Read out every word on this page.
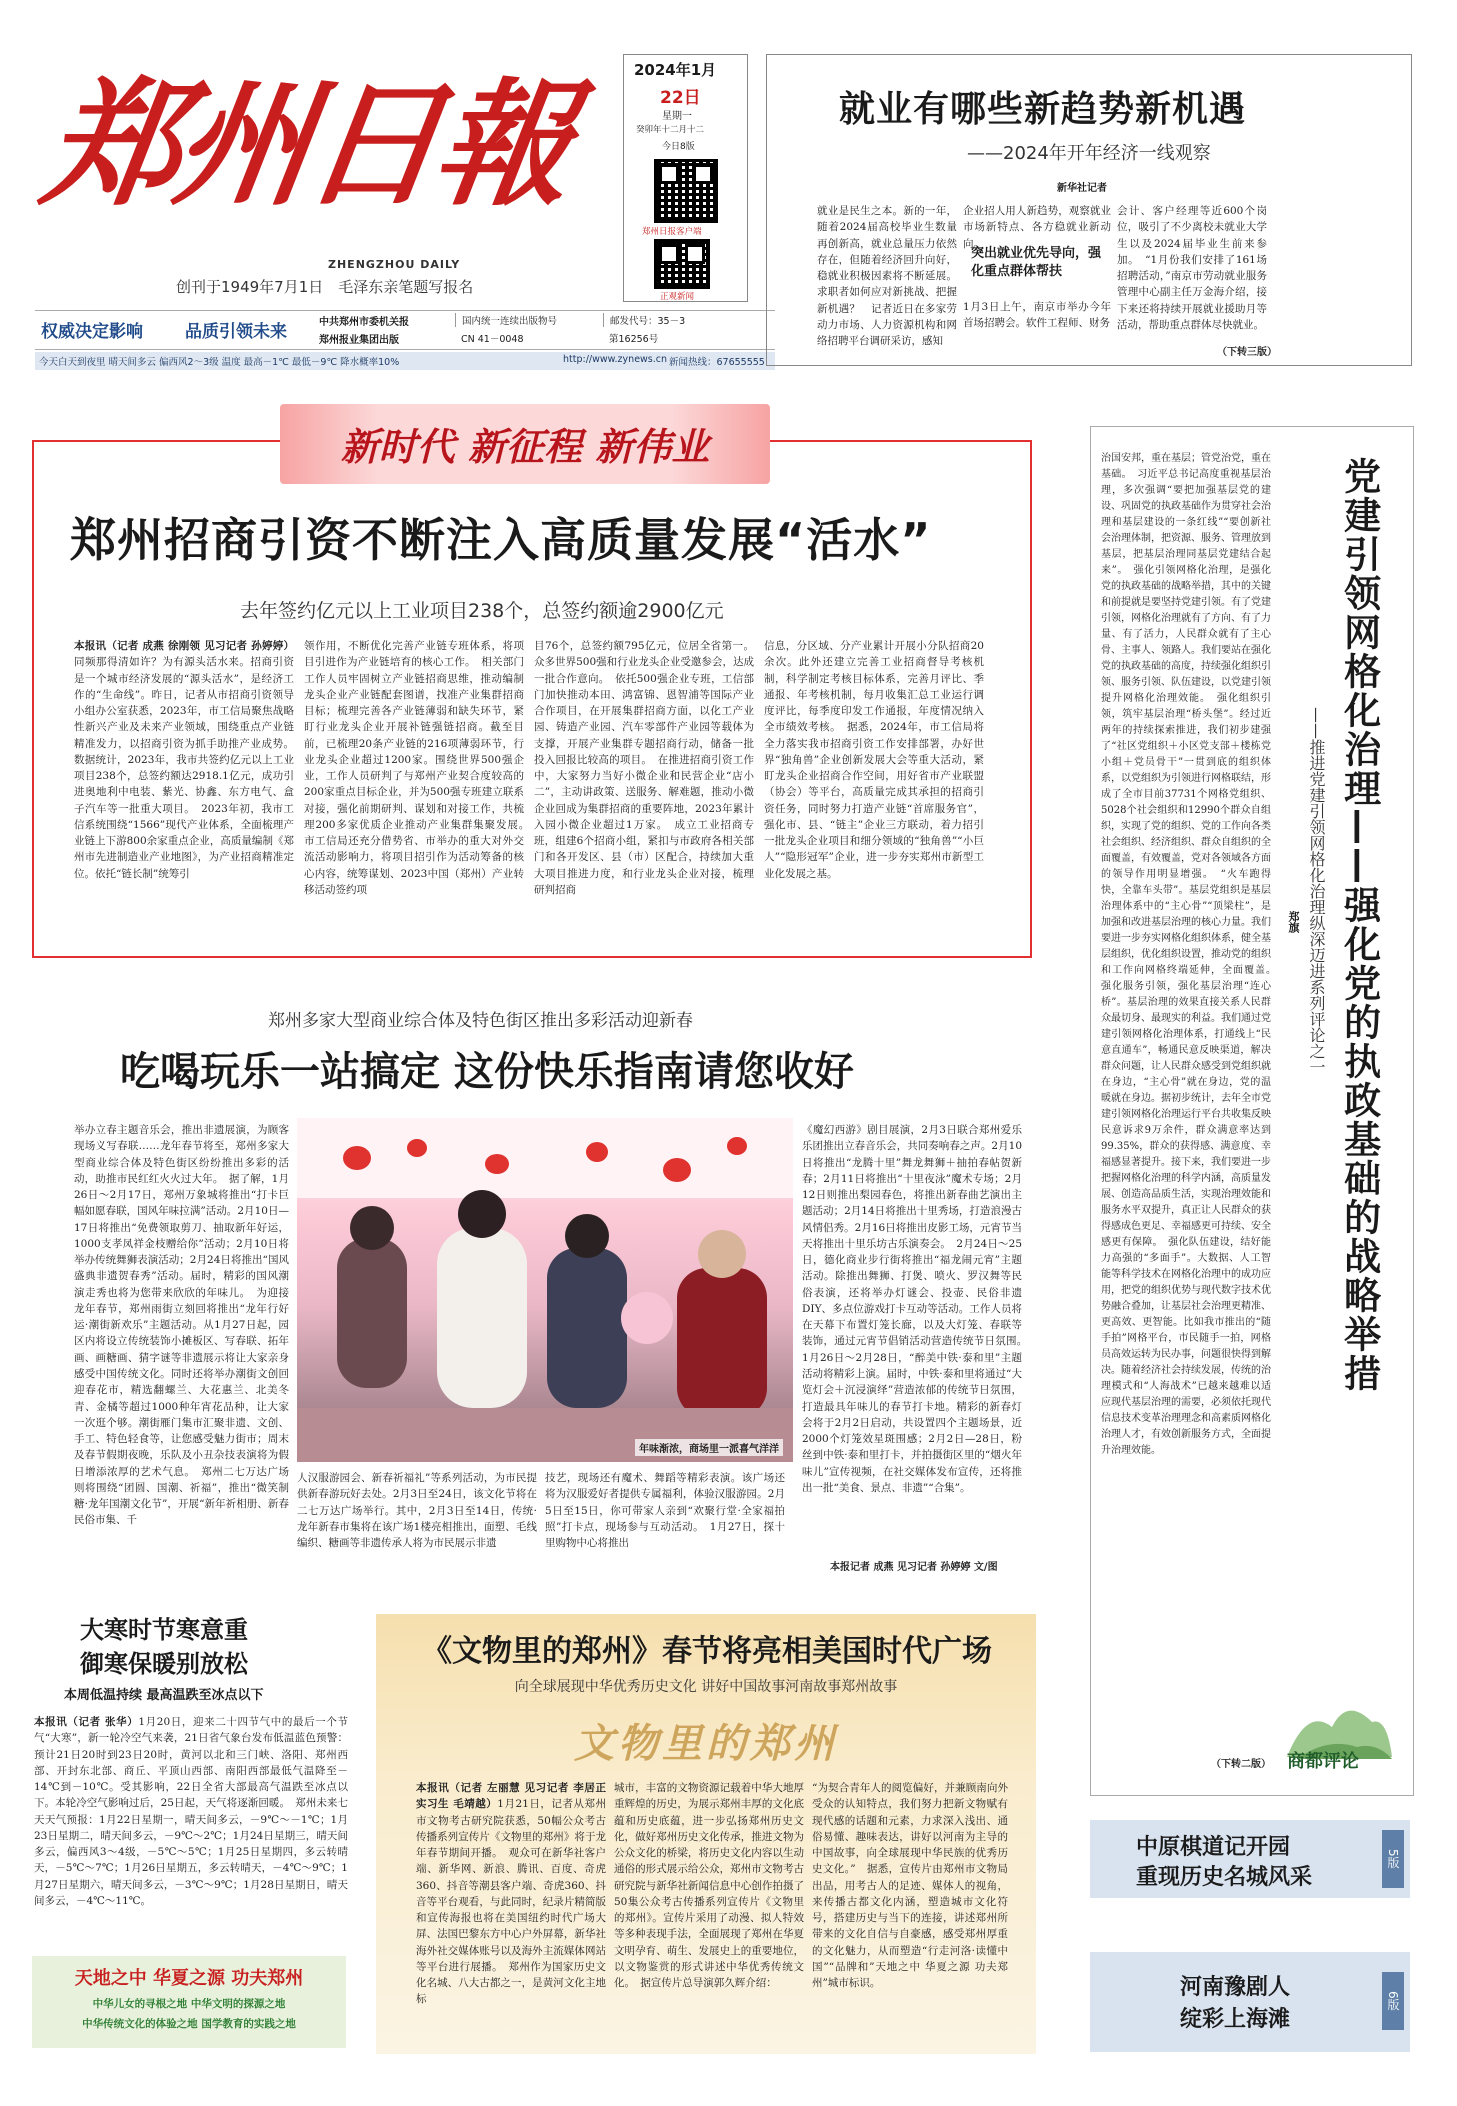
郑州日報
ZHENGZHOU DAILY
创刊于1949年7月1日　毛泽东亲笔题写报名
权威决定影响 品质引领未来	中共郑州市委机关报
郑州报业集团出版
国内统一连续出版物号
CN 41－0048
邮发代号：35－3
第16256号
今天白天到夜里 晴天间多云 偏西风2～3级 温度 最高－1℃ 最低－9℃ 降水概率10%	http://www.zynews.cn 新闻热线：67655555
2024年1月
22日
星期一
癸卯年十二月十二
今日8版
郑州日报客户端
正观新闻
就业有哪些新趋势新机遇
——2024年开年经济一线观察
新华社记者
就业是民生之本。新的一年，随着2024届高校毕业生数量再创新高，就业总量压力依然存在，但随着经济回升向好，稳就业积极因素将不断延展。求职者如何应对新挑战、把握新机遇？　记者近日在多家劳动力市场、人力资源机构和网络招聘平台调研采访，感知
企业招人用人新趋势，观察就业市场新特点、各方稳就业新动向。
突出就业优先导向，强化重点群体帮扶
1月3日上午，南京市举办今年首场招聘会。软件工程师、财务
会计、客户经理等近600个岗位，吸引了不少离校未就业大学生以及2024届毕业生前来参加。　“1月份我们安排了161场招聘活动，”南京市劳动就业服务管理中心副主任万金海介绍，接下来还将持续开展就业援助月等活动，帮助重点群体尽快就业。
（下转三版）
新时代 新征程 新伟业
郑州招商引资不断注入高质量发展“活水”
去年签约亿元以上工业项目238个，总签约额逾2900亿元
本报讯（记者 成燕 徐刚领 见习记者 孙婷婷）同频那得清如许？为有源头活水来。招商引资是一个城市经济发展的“源头活水”，是经济工作的“生命线”。昨日，记者从市招商引资领导小组办公室获悉，2023年，市工信局聚焦战略性新兴产业及未来产业领域，围绕重点产业链精准发力，以招商引资为抓手助推产业成势。数据统计，2023年，我市共签约亿元以上工业项目238个，总签约额达2918.1亿元，成功引进奥地利中电装、紫光、协鑫、东方电气、盒子汽车等一批重大项目。　2023年初，我市工信系统围绕“1566”现代产业体系，全面梳理产业链上下游800余家重点企业，高质量编制《郑州市先进制造业产业地图》，为产业招商精准定位。依托“链长制”统筹引
领作用，不断优化完善产业链专班体系，将项目引进作为产业链培育的核心工作。　相关部门工作人员牢固树立产业链招商思维，推动编制龙头企业产业链配套图谱，找准产业集群招商目标；梳理完善各产业链薄弱和缺失环节，紧盯行业龙头企业开展补链强链招商。截至目前，已梳理20条产业链的216项薄弱环节，行业龙头企业超过1200家。围绕世界500强企业，工作人员研判了与郑州产业契合度较高的200家重点目标企业，并为500强专班建立联系对接，强化前期研判、谋划和对接工作，共梳理200多家优质企业推动产业集群集聚发展。　市工信局还充分借势省、市举办的重大对外交流活动影响力，将项目招引作为活动筹备的核心内容，统筹谋划、2023中国（郑州）产业转移活动签约项
目76个，总签约额795亿元，位居全省第一。众多世界500强和行业龙头企业受邀参会，达成一批合作意向。　依托500强企业专班，工信部门加快推动本田、鸿富锦、恩智浦等国际产业合作项目，在开展集群招商方面，以化工产业园、铸造产业园、汽车零部件产业园等载体为支撑，开展产业集群专题招商行动，储备一批投入回报比较高的项目。　在推进招商引资工作中，大家努力当好小微企业和民营企业“店小二”，主动讲政策、送服务、解难题，推动小微企业回成为集群招商的重要阵地，2023年累计入园小微企业超过1万家。　成立工业招商专班，组建6个招商小组，紧扣与市政府各相关部门和各开发区、县（市）区配合，持续加大重大项目推进力度，和行业龙头企业对接，梳理研判招商
信息，分区域、分产业累计开展小分队招商20余次。此外还建立完善工业招商督导考核机制，科学制定考核目标体系，完善月评比、季通报、年考核机制，每月收集汇总工业运行调度评比，每季度印发工作通报，年度情况纳入全市绩效考核。　据悉，2024年，市工信局将全力落实我市招商引资工作安排部署，办好世界“独角兽”企业创新发展大会等重大活动，紧盯龙头企业招商合作空间，用好省市产业联盟（协会）等平台，高质量完成其承担的招商引资任务，同时努力打造产业链“首席服务官”，强化市、县、“链主”企业三方联动，着力招引一批龙头企业项目和细分领域的“独角兽”“小巨人”“隐形冠军”企业，进一步夯实郑州市新型工业化发展之基。
郑州多家大型商业综合体及特色街区推出多彩活动迎新春
吃喝玩乐一站搞定 这份快乐指南请您收好
举办立春主题音乐会，推出非遗展演，为顾客现场义写春联……龙年春节将至，郑州多家大型商业综合体及特色街区纷纷推出多彩的活动，助推市民红红火火过大年。　据了解，1月26日～2月17日，郑州万象城将推出“打卡巨幅如愿春联，国风年味拉满”活动。2月10日—17日将推出“免费领取剪刀、抽取新年好运，1000支孝凤祥金枝赠给你”活动；2月10日将举办传统舞狮表演活动；2月24日将推出“国风盛典非遗贺春秀”活动。届时，精彩的国风潮演走秀也将为您带来欣欣的年味儿。　为迎接龙年春节，郑州雨街立刻回将推出“龙年行好运·潮街新欢乐”主题活动。从1月27日起，园区内将设立传统装饰小摊板区、写春联、拓年画、画糖画、猜字谜等非遗展示将让大家亲身感受中国传统文化。同时还将举办潮街文创回迎春花市，精选翻螺兰、大花惠兰、北美冬青、金橘等超过1000种年宵花品种，让大家一次逛个够。潮街雁门集市汇聚非遗、文创、手工、特色轻食等，让您感受魅力街市；周末及春节假期夜晚，乐队及小丑杂技表演将为假日增添浓厚的艺术气息。　郑州二七万达广场则将围绕“团圆、国潮、祈福”，推出“微笑制糖·龙年国潮文化节”，开展“新年祈相册、新春民俗市集、千
年味渐浓，商场里一派喜气洋洋
人汉服游园会、新春祈福礼”等系列活动，为市民提供新春游玩好去处。2月3日至24日，该文化节将在二七万达广场举行。其中，2月3日至14日，传统·龙年新春市集将在该广场1楼亮相推出，面塑、毛线编织、糖画等非遗传承人将为市民展示非遗
技艺，现场还有魔术、舞蹈等精彩表演。该广场还将为汉服爱好者提供专属福利，体验汉服游园。2月5日至15日，你可带家人亲到“欢聚行堂·全家福拍照”打卡点，现场参与互动活动。　1月27日，探十里购物中心将推出
《魔幻西游》剧目展演，2月3日联合郑州爱乐乐团推出立春音乐会，共同奏响春之声。2月10日将推出“龙腾十里”舞龙舞狮＋抽拍春帖贺新春；2月11日将推出“十里夜泳”魔术专场；2月12日则推出梨园春色，将推出新春曲艺演出主题活动；2月14日将推出十里秀场，打造浪漫古风情侣秀。2月16日将推出皮影工场，元宵节当天将推出十里乐坊古乐演奏会。　2月24日～25日，德化商业步行街将推出“福龙闹元宵”主题活动。除推出舞狮、打煲、喷火、罗汉舞等民俗表演，还将举办灯谜会、投壶、民俗非遗DIY、多点位游戏打卡互动等活动。工作人员将在天幕下布置灯笼长廊，以及大灯笼、春联等装饰，通过元宵节倡销活动营造传统节日氛围。　1月26日～2月28日，“醉美中铁·泰和里”主题活动将精彩上演。届时，中铁·泰和里将通过“大览灯会＋沉浸演绎”营造浓郁的传统节日氛围，打造最具年味儿的春节打卡地。精彩的新春灯会将于2月2日启动，共设置四个主题场景，近2000个灯笼效星斑围感；2月2日—28日，粉丝到中铁·泰和里打卡，并拍摄街区里的“烟火年味儿”宣传视频，在社交媒体发布宣传，还将推出一批“美食、景点、非遗”“合集”。
本报记者 成燕 见习记者 孙婷婷 文/图
治国安邦，重在基层；管党治党，重在基础。　习近平总书记高度重视基层治理，多次强调“要把加强基层党的建设、巩固党的执政基础作为贯穿社会治理和基层建设的一条红线”“要创新社会治理体制，把资源、服务、管理放到基层，把基层治理同基层党建结合起来”。　强化引领网格化治理，是强化党的执政基础的战略举措，其中的关键和前提就是要坚持党建引领。有了党建引领，网格化治理就有了方向、有了力量、有了活力，人民群众就有了主心骨、主事人、领路人。我们要站在强化党的执政基础的高度，持续强化组织引领、服务引领、队伍建设，以党建引领提升网格化治理效能。　强化组织引领，筑牢基层治理“桥头堡”。经过近两年的持续探索推进，我们初步建强了“社区党组织＋小区党支部＋楼栋党小组＋党员骨干”一贯到底的组织体系，以党组织为引领进行网格联结，形成了全市目前37731个网格党组织、5028个社会组织和12990个群众自组织，实现了党的组织、党的工作向各类社会组织、经济组织、群众自组织的全面覆盖，有效覆盖，党对各领域各方面的领导作用明显增强。　“火车跑得快，全靠车头带”。基层党组织是基层治理体系中的“主心骨”“顶梁柱”，是加强和改进基层治理的核心力量。我们要进一步夯实网格化组织体系，健全基层组织，优化组织设置，推动党的组织和工作向网格终端延伸，全面覆盖。　强化服务引领，强化基层治理“连心桥”。基层治理的效果直接关系人民群众最切身、最现实的利益。我们通过党建引领网格化治理体系，打通线上“民意直通车”，畅通民意反映渠道，解决群众问题，让人民群众感受到党组织就在身边，“主心骨”就在身边，党的温暖就在身边。据初步统计，去年全市党建引领网格化治理运行平台共收集反映民意诉求9万余件，群众满意率达到99.35%，群众的获得感、满意度、幸福感显著提升。接下来，我们要进一步把握网格化治理的科学内涵，高质量发展、创造高品质生活，实现治理效能和服务水平双提升，真正让人民群众的获得感成色更足、幸福感更可持续、安全感更有保障。　强化队伍建设，结好能力高强的“多面手”。大数据、人工智能等科学技术在网格化治理中的成功应用，把党的组织优势与现代数字技术优势融合叠加，让基层社会治理更精准、更高效、更智能。比如我市推出的“随手拍”网格平台，市民随手一拍，网格员高效运转为民办事，问题很快得到解决。随着经济社会持续发展，传统的治理模式和“人海战术”已越来越难以适应现代基层治理的需要，必须依托现代信息技术变革治理理念和高素质网格化治理人才，有效创新服务方式，全面提升治理效能。
（下转二版）
党建引领网格化治理——强化党的执政基础的战略举措
——推进党建引领网格化治理纵深迈进系列评论之一
郑旗
商都评论
大寒时节寒意重
御寒保暖别放松
本周低温持续 最高温跌至冰点以下
本报讯（记者 张华）1月20日，迎来二十四节气中的最后一个节气“大寒”，新一轮冷空气来袭，21日省气象台发布低温蓝色预警：预计21日20时到23日20时，黄河以北和三门峡、洛阳、郑州西部、开封东北部、商丘、平顶山西部、南阳西部最低气温降至－14℃到－10℃。受其影响，22日全省大部最高气温跌至冰点以下。本轮冷空气影响过后，25日起，天气将逐渐回暖。　郑州未来七天天气预报：1月22日星期一，晴天间多云，－9℃～－1℃；1月23日星期二，晴天间多云，－9℃～2℃；1月24日星期三，晴天间多云，偏西风3～4级，－5℃～5℃；1月25日星期四，多云转晴天，－5℃～7℃；1月26日星期五，多云转晴天，－4℃～9℃；1月27日星期六，晴天间多云，－3℃～9℃；1月28日星期日，晴天间多云，－4℃～11℃。
天地之中 华夏之源 功夫郑州
中华儿女的寻根之地 中华文明的探源之地
中华传统文化的体验之地 国学教育的实践之地
《文物里的郑州》春节将亮相美国时代广场
向全球展现中华优秀历史文化 讲好中国故事河南故事郑州故事
文物里的郑州
本报讯（记者 左丽慧 见习记者 李居正 实习生 毛靖越）1月21日，记者从郑州市文物考古研究院获悉，50幅公众考古传播系列宣传片《文物里的郑州》将于龙年春节期间开播。　观众可在新华社客户端、新华网、新浪、腾讯、百度、奇虎360、抖音等潮县客户端、奇虎360、抖音等平台观看，与此同时，纪录片精简版和宣传海报也将在美国纽约时代广场大屏、法国巴黎东方中心户外屏幕，新华社海外社交媒体账号以及海外主流媒体网站等平台进行展播。　郑州作为国家历史文化名城、八大古都之一，是黄河文化主地标
城市，丰富的文物资源记载着中华大地厚重辉煌的历史，为展示郑州丰厚的文化底蕴和历史底蕴，进一步弘扬郑州历史文化，做好郑州历史文化传承，推进文物为公众文化的桥梁，将历史文化内容以生动通俗的形式展示给公众，郑州市文物考古研究院与新华社新闻信息中心创作拍摄了50集公众考古传播系列宣传片《文物里的郑州》。宣传片采用了动漫、拟人特效等多种表现手法，全面展现了郑州在华夏文明孕育、萌生、发展史上的重要地位，以文物鉴赏的形式讲述中华优秀传统文化。　据宣传片总导演郭久辉介绍：
“为契合青年人的阅览偏好，并兼顾南向外受众的认知特点，我们努力把新文物赋有现代感的话题和元素，力求深入浅出、通俗易懂、趣味表达，讲好以河南为主导的中国故事，向全球展现中华民族的优秀历史文化。”　据悉，宣传片由郑州市文物局出品，用考古人的足迹、媒体人的视角，来传播古都文化内涵，塑造城市文化符号，搭建历史与当下的连接，讲述郑州所带来的文化自信与自豪感，感受郑州厚重的文化魅力，从而塑造“行走河洛·读懂中国”“品牌和”天地之中 华夏之源 功夫郑州”城市标识。
中原棋道记开园
重现历史名城风采
5版
河南豫剧人
绽彩上海滩
6版
